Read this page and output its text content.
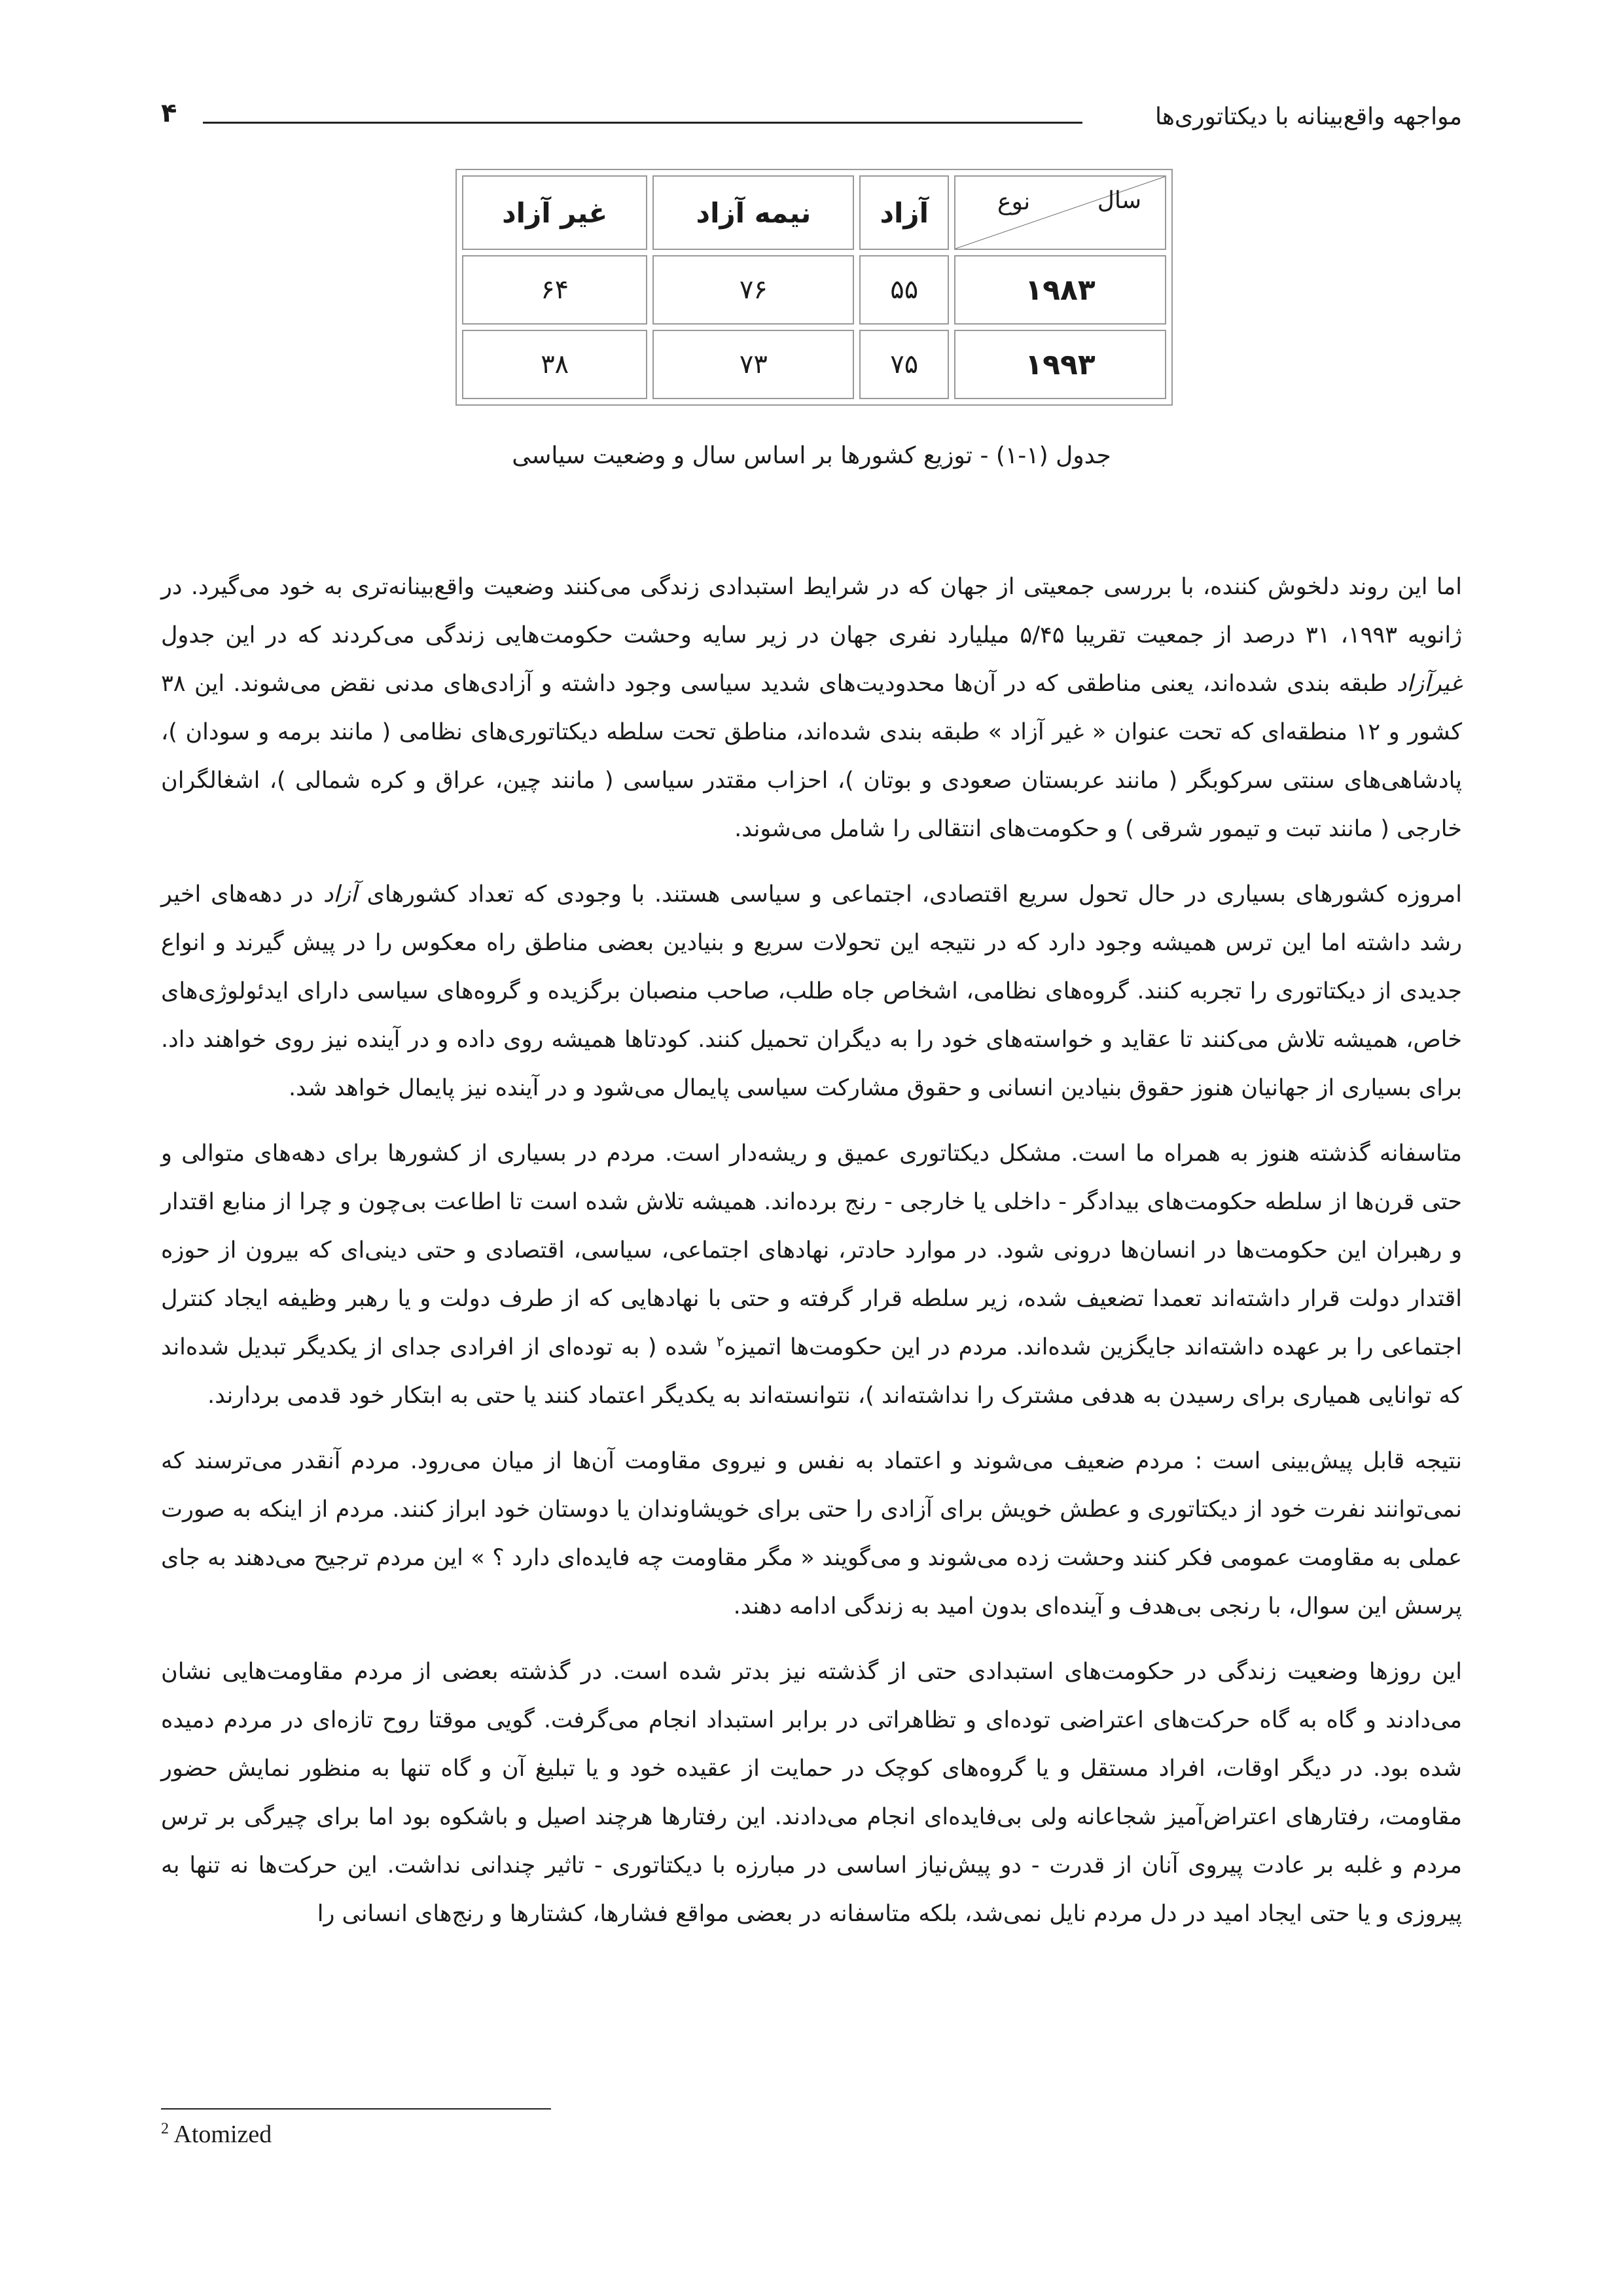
مواجهه واقع‌بینانه با دیکتاتوری‌ها
۴
سال
نوع	آزاد	نیمه آزاد	غیر آزاد
۱۹۸۳	۵۵	۷۶	۶۴
۱۹۹۳	۷۵	۷۳	۳۸
جدول (۱-۱) - توزیع کشورها بر اساس سال و وضعیت سیاسی

اما این روند دلخوش کننده، با بررسی جمعیتی از جهان که در شرایط استبدادی زندگی می‌کنند وضعیت واقع‌بینانه‌تری به خود می‌گیرد. در ژانویه ۱۹۹۳، ۳۱ درصد از جمعیت تقریبا ۵/۴۵ میلیارد نفری جهان در زیر سایه وحشت حکومت‌هایی زندگی می‌کردند که در این جدول غیرآزاد طبقه بندی شده‌اند، یعنی مناطقی که در آن‌ها محدودیت‌های شدید سیاسی وجود داشته و آزادی‌های مدنی نقض می‌شوند. این ۳۸ کشور و ۱۲ منطقه‌ای که تحت عنوان « غیر آزاد » طبقه بندی شده‌اند، مناطق تحت سلطه دیکتاتوری‌های نظامی ( مانند برمه و سودان )، پادشاهی‌های سنتی سرکوبگر ( مانند عربستان صعودی و بوتان )، احزاب مقتدر سیاسی ( مانند چین، عراق و کره شمالی )، اشغالگران خارجی ( مانند تبت و تیمور شرقی ) و حکومت‌های انتقالی را شامل می‌شوند.

امروزه کشورهای بسیاری در حال تحول سریع اقتصادی، اجتماعی و سیاسی هستند. با وجودی که تعداد کشورهای آزاد در دهه‌های اخیر رشد داشته اما این ترس همیشه وجود دارد که در نتیجه این تحولات سریع و بنیادین بعضی مناطق راه معکوس را در پیش گیرند و انواع جدیدی از دیکتاتوری را تجربه کنند. گروه‌های نظامی، اشخاص جاه طلب، صاحب منصبان برگزیده و گروه‌های سیاسی دارای ایدئولوژی‌های خاص، همیشه تلاش می‌کنند تا عقاید و خواسته‌های خود را به دیگران تحمیل کنند. کودتاها همیشه روی داده و در آینده نیز روی خواهند داد. برای بسیاری از جهانیان هنوز حقوق بنیادین انسانی و حقوق مشارکت سیاسی پایمال می‌شود و در آینده نیز پایمال خواهد شد.

متاسفانه گذشته هنوز به همراه ما است. مشکل دیکتاتوری عمیق و ریشه‌دار است. مردم در بسیاری از کشورها برای دهه‌های متوالی و حتی قرن‌ها از سلطه حکومت‌های بیدادگر - داخلی یا خارجی - رنج برده‌اند. همیشه تلاش شده است تا اطاعت بی‌چون و چرا از منابع اقتدار و رهبران این حکومت‌ها در انسان‌ها درونی شود. در موارد حادتر، نهادهای اجتماعی، سیاسی، اقتصادی و حتی دینی‌ای که بیرون از حوزه اقتدار دولت قرار داشته‌اند تعمدا تضعیف شده، زیر سلطه قرار گرفته و حتی با نهادهایی که از طرف دولت و یا رهبر وظیفه ایجاد کنترل اجتماعی را بر عهده داشته‌اند جایگزین شده‌اند. مردم در این حکومت‌ها اتمیزه$^۲$ شده ( به توده‌ای از افرادی جدای از یکدیگر تبدیل شده‌اند که توانایی همیاری برای رسیدن به هدفی مشترک را نداشته‌اند )، نتوانسته‌اند به یکدیگر اعتماد کنند یا حتی به ابتکار خود قدمی بردارند.

نتیجه قابل پیش‌بینی است : مردم ضعیف می‌شوند و اعتماد به نفس و نیروی مقاومت آن‌ها از میان می‌رود. مردم آنقدر می‌ترسند که نمی‌توانند نفرت خود از دیکتاتوری و عطش خویش برای آزادی را حتی برای خویشاوندان یا دوستان خود ابراز کنند. مردم از اینکه به صورت عملی به مقاومت عمومی فکر کنند وحشت زده می‌شوند و می‌گویند « مگر مقاومت چه فایده‌ای دارد ؟ » این مردم ترجیح می‌دهند به جای پرسش این سوال، با رنجی بی‌هدف و آینده‌ای بدون امید به زندگی ادامه دهند.

این روزها وضعیت زندگی در حکومت‌های استبدادی حتی از گذشته نیز بدتر شده است. در گذشته بعضی از مردم مقاومت‌هایی نشان می‌دادند و گاه به گاه حرکت‌های اعتراضی توده‌ای و تظاهراتی در برابر استبداد انجام می‌گرفت. گویی موقتا روح تازه‌ای در مردم دمیده شده بود. در دیگر اوقات، افراد مستقل و یا گروه‌های کوچک در حمایت از عقیده خود و یا تبلیغ آن و گاه تنها به منظور نمایش حضور مقاومت، رفتارهای اعتراض‌آمیز شجاعانه ولی بی‌فایده‌ای انجام می‌دادند. این رفتارها هرچند اصیل و باشکوه بود اما برای چیرگی بر ترس مردم و غلبه بر عادت پیروی آنان از قدرت - دو پیش‌نیاز اساسی در مبارزه با دیکتاتوری - تاثیر چندانی نداشت. این حرکت‌ها نه تنها به پیروزی و یا حتی ایجاد امید در دل مردم نایل نمی‌شد، بلکه متاسفانه در بعضی مواقع فشارها، کشتارها و رنج‌های انسانی را

$^2$ Atomized
